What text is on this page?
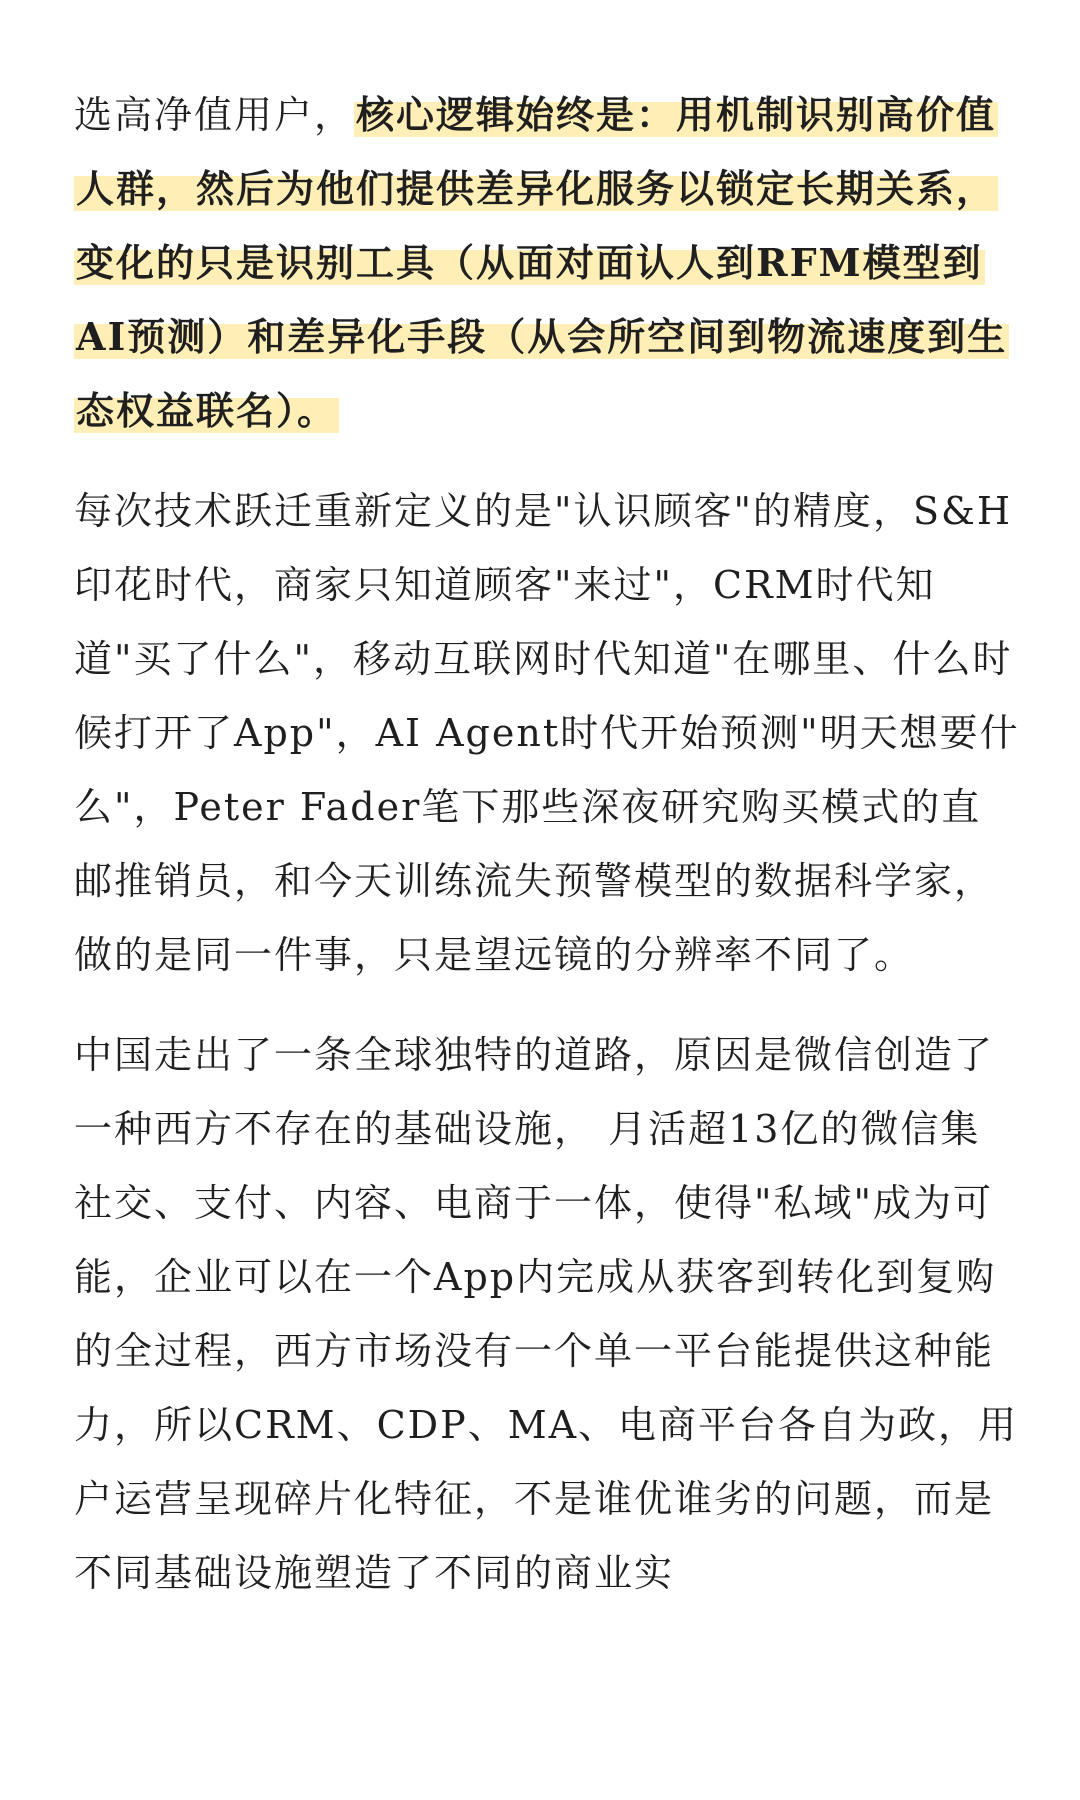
选高净值用户，核心逻辑始终是：用机制识别高价值人群，然后为他们提供差异化服务以锁定长期关系，变化的只是识别工具（从面对面认人到RFM模型到AI预测）和差异化手段（从会所空间到物流速度到生态权益联名）。

每次技术跃迁重新定义的是"认识顾客"的精度，S&H印花时代，商家只知道顾客"来过"，CRM时代知道"买了什么"，移动互联网时代知道"在哪里、什么时候打开了App"，AI Agent时代开始预测"明天想要什么"，Peter Fader笔下那些深夜研究购买模式的直邮推销员，和今天训练流失预警模型的数据科学家，做的是同一件事，只是望远镜的分辨率不同了。

中国走出了一条全球独特的道路，原因是微信创造了一种西方不存在的基础设施， 月活超13亿的微信集社交、支付、内容、电商于一体，使得"私域"成为可能，企业可以在一个App内完成从获客到转化到复购的全过程，西方市场没有一个单一平台能提供这种能力，所以CRM、CDP、MA、电商平台各自为政，用户运营呈现碎片化特征，不是谁优谁劣的问题，而是不同基础设施塑造了不同的商业实
